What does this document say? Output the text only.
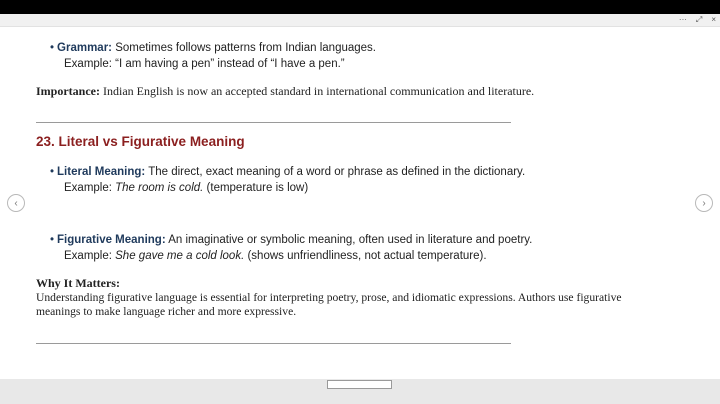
··· ⤢ ×
• Grammar: Sometimes follows patterns from Indian languages.
Example: “I am having a pen” instead of “I have a pen.”
Importance: Indian English is now an accepted standard in international communication and literature.
23. Literal vs Figurative Meaning
• Literal Meaning: The direct, exact meaning of a word or phrase as defined in the dictionary.
Example: The room is cold. (temperature is low)
• Figurative Meaning: An imaginative or symbolic meaning, often used in literature and poetry.
Example: She gave me a cold look. (shows unfriendliness, not actual temperature).
Why It Matters:
Understanding figurative language is essential for interpreting poetry, prose, and idiomatic expressions. Authors use figurative
meanings to make language richer and more expressive.
‹	›
